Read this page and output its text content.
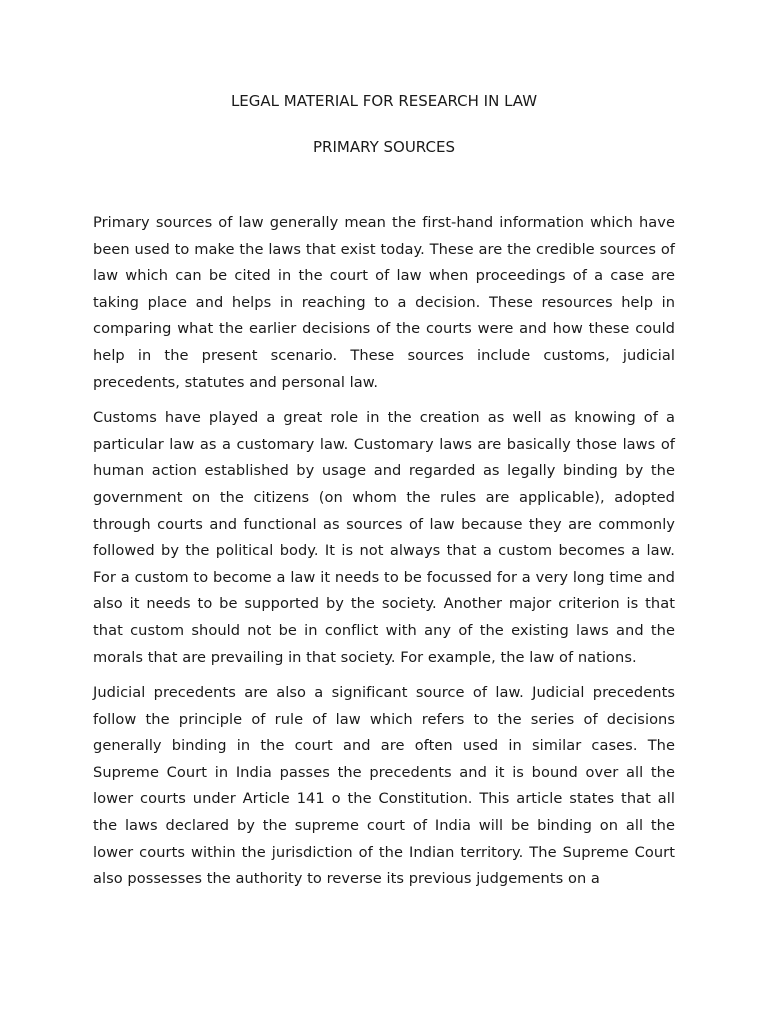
LEGAL MATERIAL FOR RESEARCH IN LAW
PRIMARY SOURCES

Primary sources of law generally mean the first-hand information which have been used to make the laws that exist today. These are the credible sources of law which can be cited in the court of law when proceedings of a case are taking place and helps in reaching to a decision. These resources help in comparing what the earlier decisions of the courts were and how these could help in the present scenario. These sources include customs, judicial precedents, statutes and personal law.

Customs have played a great role in the creation as well as knowing of a particular law as a customary law. Customary laws are basically those laws of human action established by usage and regarded as legally binding by the government on the citizens (on whom the rules are applicable), adopted through courts and functional as sources of law because they are commonly followed by the political body. It is not always that a custom becomes a law. For a custom to become a law it needs to be focussed for a very long time and also it needs to be supported by the society. Another major criterion is that that custom should not be in conflict with any of the existing laws and the morals that are prevailing in that society. For example, the law of nations.

Judicial precedents are also a significant source of law. Judicial precedents follow the principle of rule of law which refers to the series of decisions generally binding in the court and are often used in similar cases. The Supreme Court in India passes the precedents and it is bound over all the lower courts under Article 141 o the Constitution. This article states that all the laws declared by the supreme court of India will be binding on all the lower courts within the jurisdiction of the Indian territory. The Supreme Court also possesses the authority to reverse its previous judgements on a
